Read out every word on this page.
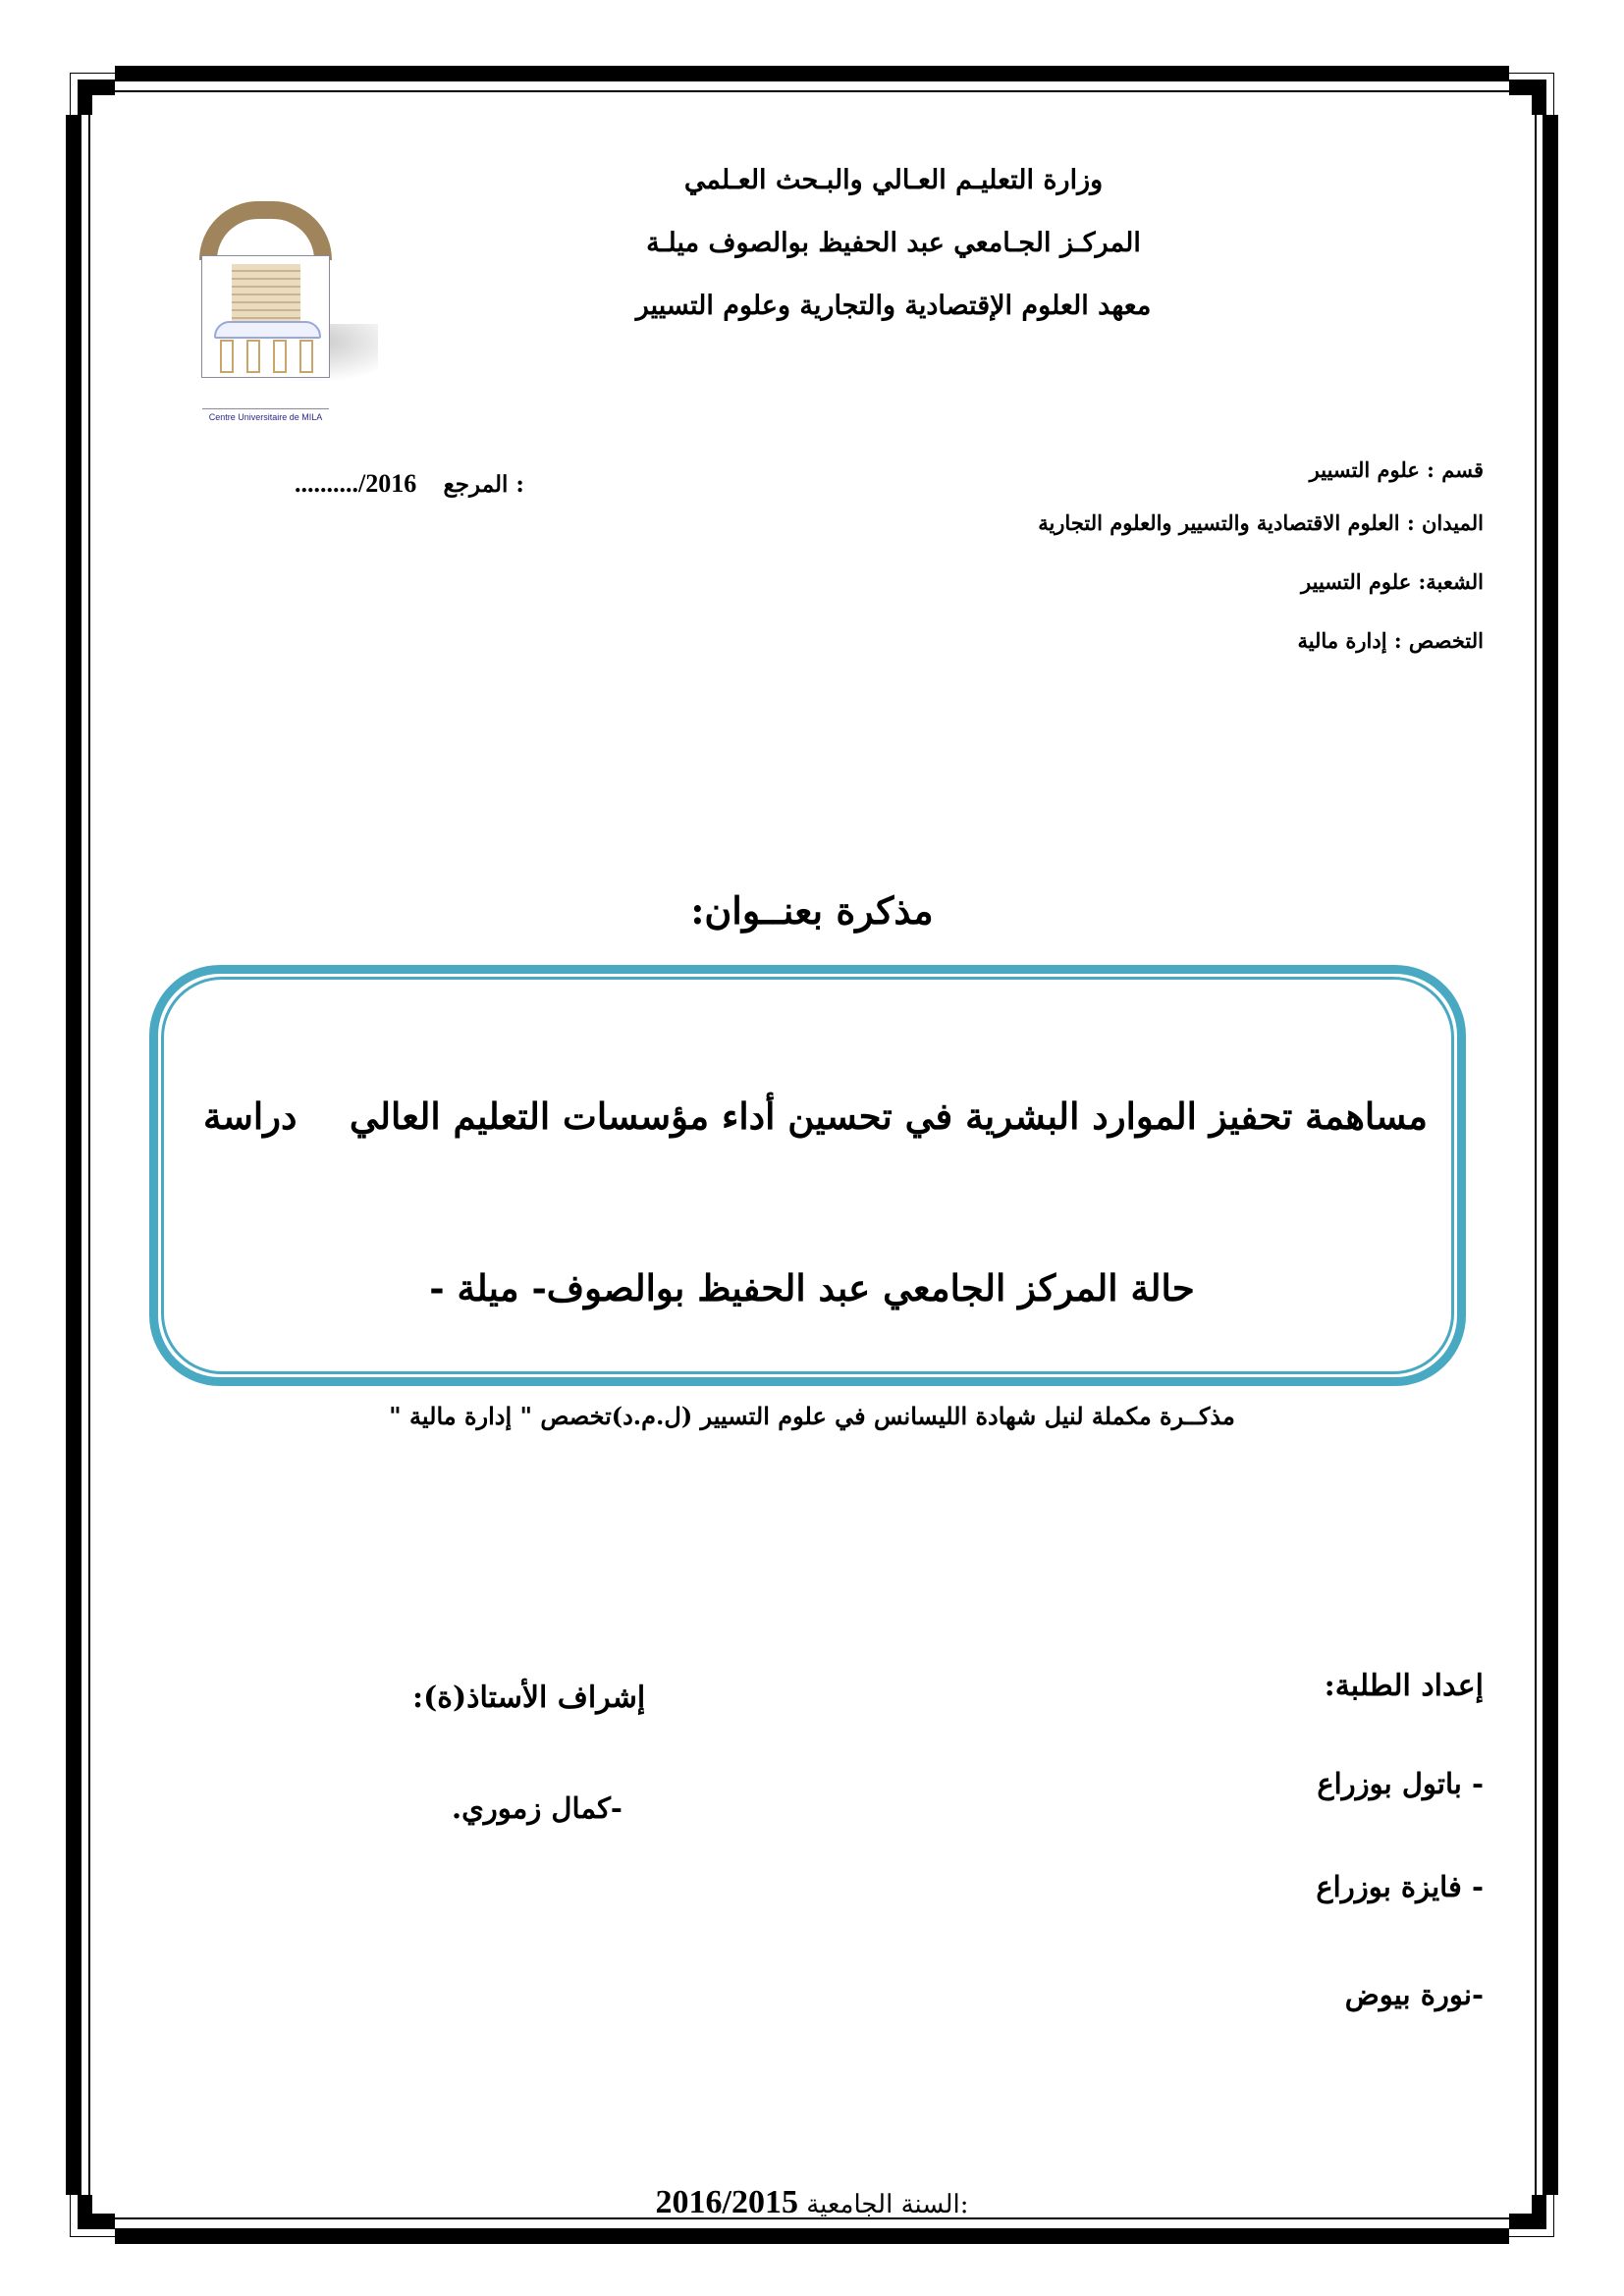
وزارة التعليـم العـالي والبـحث العـلمي
المركـز الجـامعي عبد الحفيظ بوالصوف ميلـة
معهد العلوم الإقتصادية والتجارية وعلوم التسيير
Centre Universitaire de MILA
قسم : علوم التسيير
الميدان : العلوم الاقتصادية والتسيير والعلوم التجارية
الشعبة: علوم التسيير
التخصص : إدارة مالية
........../2016 المرجع :
مذكرة بعنــوان:
مساهمة تحفيز الموارد البشرية في تحسين أداء مؤسسات التعليم العالي
دراسة
حالة المركز الجامعي عبد الحفيظ بوالصوف- ميلة -
مذكــرة مكملة لنيل شهادة الليسانس في علوم التسيير (ل.م.د)تخصص " إدارة مالية "
إعداد الطلبة:
- باتول بوزراع
- فايزة بوزراع
-نورة بيوض
إشراف الأستاذ(ة):
-كمال زموري.
2016/2015 السنة الجامعية:
